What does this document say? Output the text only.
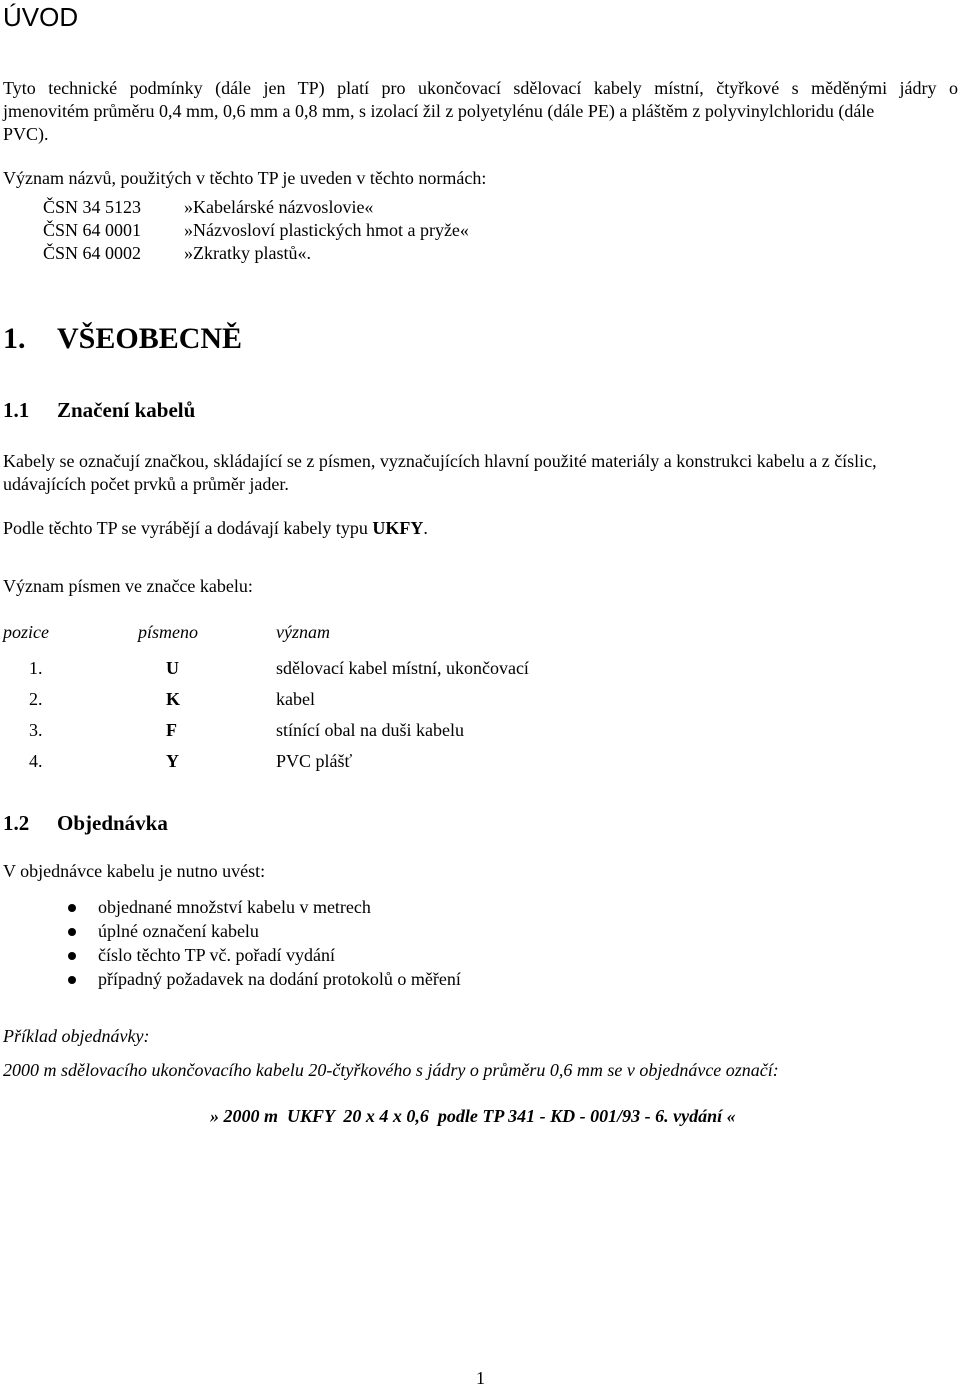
ÚVOD
Tyto technické podmínky (dále jen TP) platí pro ukončovací sdělovací kabely místní, čtyřkové s měděnými jádry o
jmenovitém průměru 0,4 mm, 0,6 mm a 0,8 mm, s izolací žil z polyetylénu (dále PE) a pláštěm z polyvinylchloridu (dále
PVC).
Význam názvů, použitých v těchto TP je uveden v těchto normách:
ČSN 34 5123 »Kabelárské názvoslovie«
ČSN 64 0001 »Názvosloví plastických hmot a pryže«
ČSN 64 0002 »Zkratky plastů«.
1. VŠEOBECNĚ
1.1 Značení kabelů
Kabely se označují značkou, skládající se z písmen, vyznačujících hlavní použité materiály a konstrukci kabelu a z číslic,
udávajících počet prvků a průměr jader.
Podle těchto TP se vyrábějí a dodávají kabely typu UKFY.
Význam písmen ve značce kabelu:
pozice	písmeno	význam
1.	U	sdělovací kabel místní, ukončovací
2.	K	kabel
3.	F	stínící obal na duši kabelu
4.	Y	PVC plášť
1.2 Objednávka
V objednávce kabelu je nutno uvést:
objednané množství kabelu v metrech
úplné označení kabelu
číslo těchto TP vč. pořadí vydání
případný požadavek na dodání protokolů o měření
Příklad objednávky:
2000 m sdělovacího ukončovacího kabelu 20-čtyřkového s jádry o průměru 0,6 mm se v objednávce označí:
» 2000 m  UKFY  20 x 4 x 0,6  podle TP 341 - KD - 001/93 - 6. vydání «
1
